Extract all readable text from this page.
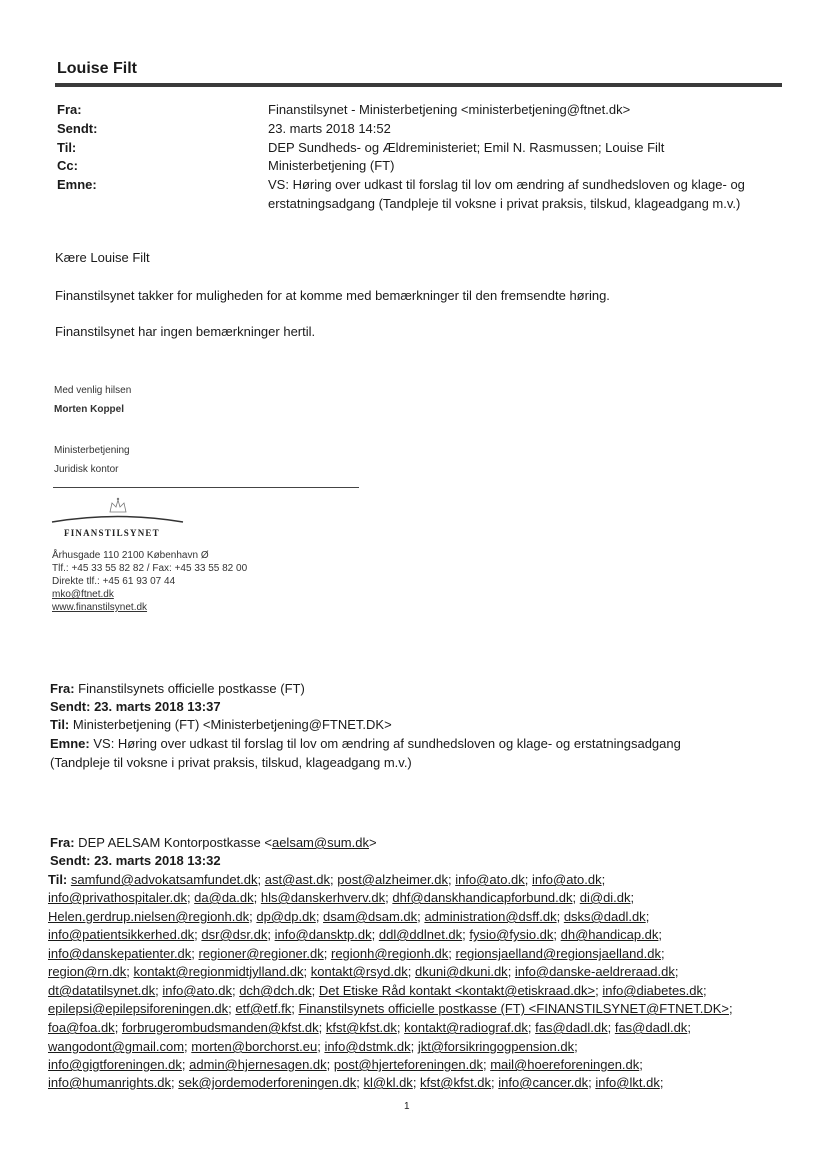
Louise Filt
Fra:
Sendt:
Til:
Cc:
Emne:
Finanstilsynet - Ministerbetjening <ministerbetjening@ftnet.dk>
23. marts 2018 14:52
DEP Sundheds- og Ældreministeriet; Emil N. Rasmussen; Louise Filt
Ministerbetjening (FT)
VS: Høring over udkast til forslag til lov om ændring af sundhedsloven og klage- og
erstatningsadgang (Tandpleje til voksne i privat praksis, tilskud, klageadgang m.v.)
Kære Louise Filt
Finanstilsynet takker for muligheden for at komme med bemærkninger til den fremsendte høring.
Finanstilsynet har ingen bemærkninger hertil.
Med venlig hilsen
Morten Koppel
Ministerbetjening
Juridisk kontor
FINANSTILSYNET
Århusgade 110 2100 København Ø
Tlf.: +45 33 55 82 82 / Fax: +45 33 55 82 00
Direkte tlf.: +45 61 93 07 44
mko@ftnet.dk
www.finanstilsynet.dk
Fra: Finanstilsynets officielle postkasse (FT)
Sendt: 23. marts 2018 13:37
Til: Ministerbetjening (FT) <Ministerbetjening@FTNET.DK>
Emne: VS: Høring over udkast til forslag til lov om ændring af sundhedsloven og klage- og erstatningsadgang
(Tandpleje til voksne i privat praksis, tilskud, klageadgang m.v.)
Fra: DEP AELSAM Kontorpostkasse <aelsam@sum.dk>
Sendt: 23. marts 2018 13:32
Til: samfund@advokatsamfundet.dk; ast@ast.dk; post@alzheimer.dk; info@ato.dk; info@ato.dk;
info@privathospitaler.dk; da@da.dk; hls@danskerhverv.dk; dhf@danskhandicapforbund.dk; di@di.dk;
Helen.gerdrup.nielsen@regionh.dk; dp@dp.dk; dsam@dsam.dk; administration@dsff.dk; dsks@dadl.dk;
info@patientsikkerhed.dk; dsr@dsr.dk; info@dansktp.dk; ddl@ddlnet.dk; fysio@fysio.dk; dh@handicap.dk;
info@danskepatienter.dk; regioner@regioner.dk; regionh@regionh.dk; regionsjaelland@regionsjaelland.dk;
region@rn.dk; kontakt@regionmidtjylland.dk; kontakt@rsyd.dk; dkuni@dkuni.dk; info@danske-aeldreraad.dk;
dt@datatilsynet.dk; info@ato.dk; dch@dch.dk; Det Etiske Råd kontakt <kontakt@etiskraad.dk>; info@diabetes.dk;
epilepsi@epilepsiforeningen.dk; etf@etf.fk; Finanstilsynets officielle postkasse (FT) <FINANSTILSYNET@FTNET.DK>;
foa@foa.dk; forbrugerombudsmanden@kfst.dk; kfst@kfst.dk; kontakt@radiograf.dk; fas@dadl.dk; fas@dadl.dk;
wangodont@gmail.com; morten@borchorst.eu; info@dstmk.dk; jkt@forsikringogpension.dk;
info@gigtforeningen.dk; admin@hjernesagen.dk; post@hjerteforeningen.dk; mail@hoereforeningen.dk;
info@humanrights.dk; sek@jordemoderforeningen.dk; kl@kl.dk; kfst@kfst.dk; info@cancer.dk; info@lkt.dk;
1
